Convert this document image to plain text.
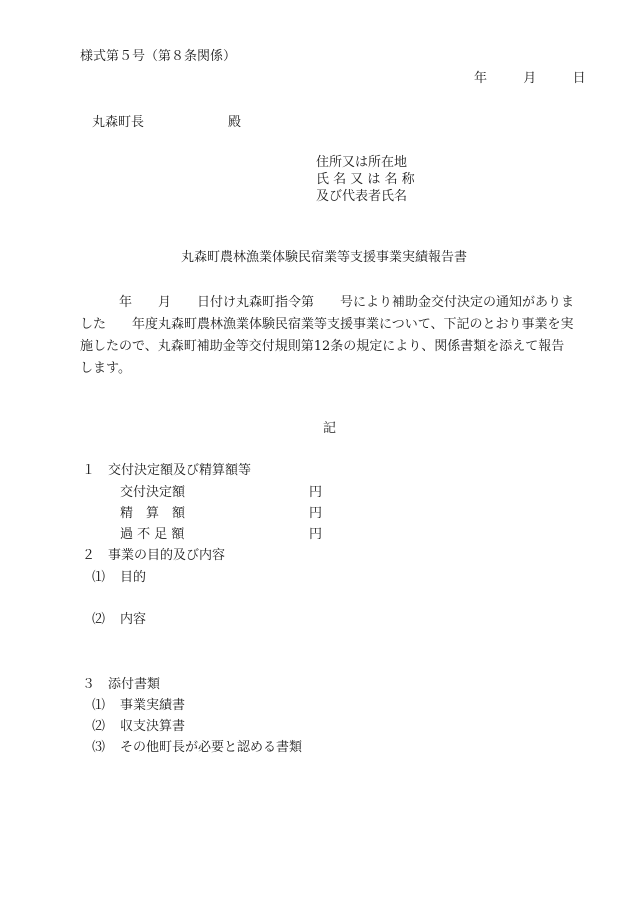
様式第５号（第８条関係）
年	月	日
丸森町長	殿
住所又は所在地
氏 名 又 は 名 称
及び代表者氏名
丸森町農林漁業体験民宿業等支援事業実績報告書
　　　年　　月　　日付け丸森町指令第　　号により補助金交付決定の通知がありま
した　　年度丸森町農林漁業体験民宿業等支援事業について、下記のとおり事業を実
施したので、丸森町補助金等交付規則第12条の規定により、関係書類を添えて報告
します。
記
１　交付決定額及び精算額等
交付決定額	円
精　算　額	円
過 不 足 額	円
２　事業の目的及び内容
⑴ 目的
⑵ 内容
３　添付書類
⑴ 事業実績書
⑵ 収支決算書
⑶ その他町長が必要と認める書類
